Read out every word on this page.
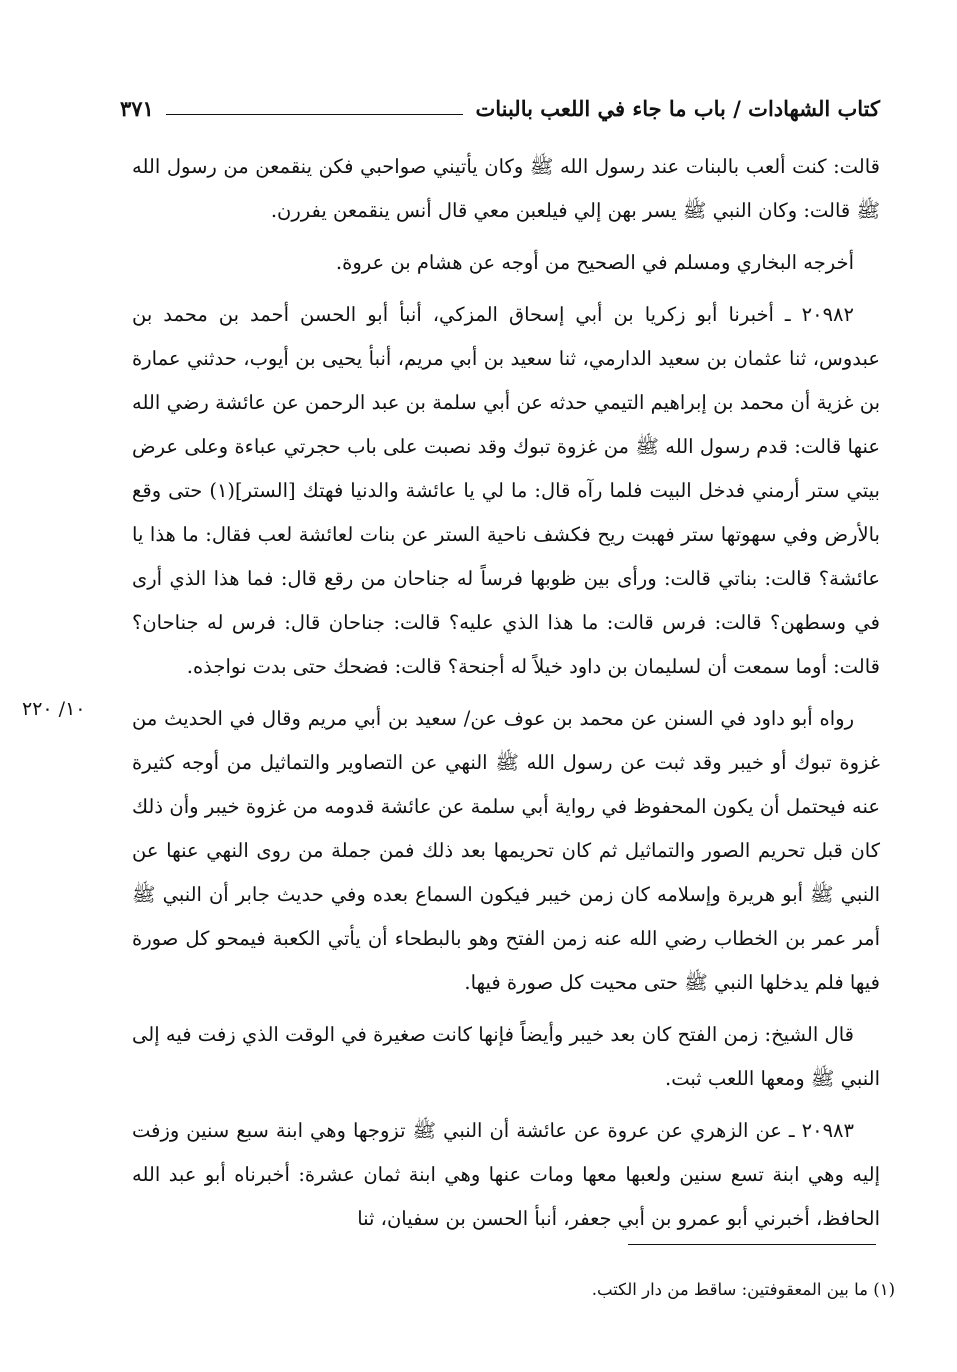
كتاب الشهادات / باب ما جاء في اللعب بالبنات
٣٧١

قالت: كنت ألعب بالبنات عند رسول الله ﷺ وكان يأتيني صواحبي فكن ينقمعن من رسول الله ﷺ قالت: وكان النبي ﷺ يسر بهن إلي فيلعبن معي قال أنس ينقمعن يفررن.

أخرجه البخاري ومسلم في الصحيح من أوجه عن هشام بن عروة.

٢٠٩٨٢ ـ أخبرنا أبو زكريا بن أبي إسحاق المزكي، أنبأ أبو الحسن أحمد بن محمد بن عبدوس، ثنا عثمان بن سعيد الدارمي، ثنا سعيد بن أبي مريم، أنبأ يحيى بن أيوب، حدثني عمارة بن غزية أن محمد بن إبراهيم التيمي حدثه عن أبي سلمة بن عبد الرحمن عن عائشة رضي الله عنها قالت: قدم رسول الله ﷺ من غزوة تبوك وقد نصبت على باب حجرتي عباءة وعلى عرض بيتي ستر أرمني فدخل البيت فلما رآه قال: ما لي يا عائشة والدنيا فهتك [الستر](١) حتى وقع بالأرض وفي سهوتها ستر فهبت ريح فكشف ناحية الستر عن بنات لعائشة لعب فقال: ما هذا يا عائشة؟ قالت: بناتي قالت: ورأى بين ظوبها فرساً له جناحان من رقع قال: فما هذا الذي أرى في وسطهن؟ قالت: فرس قالت: ما هذا الذي عليه؟ قالت: جناحان قال: فرس له جناحان؟ قالت: أوما سمعت أن لسليمان بن داود خيلاً له أجنحة؟ قالت: فضحك حتى بدت نواجذه.

رواه أبو داود في السنن عن محمد بن عوف عن/ سعيد بن أبي مريم وقال في الحديث من غزوة تبوك أو خيبر وقد ثبت عن رسول الله ﷺ النهي عن التصاوير والتماثيل من أوجه كثيرة عنه فيحتمل أن يكون المحفوظ في رواية أبي سلمة عن عائشة قدومه من غزوة خيبر وأن ذلك كان قبل تحريم الصور والتماثيل ثم كان تحريمها بعد ذلك فمن جملة من روى النهي عنها عن النبي ﷺ أبو هريرة وإسلامه كان زمن خيبر فيكون السماع بعده وفي حديث جابر أن النبي ﷺ أمر عمر بن الخطاب رضي الله عنه زمن الفتح وهو بالبطحاء أن يأتي الكعبة فيمحو كل صورة فيها فلم يدخلها النبي ﷺ حتى محيت كل صورة فيها.

قال الشيخ: زمن الفتح كان بعد خيبر وأيضاً فإنها كانت صغيرة في الوقت الذي زفت فيه إلى النبي ﷺ ومعها اللعب ثبت.

٢٠٩٨٣ ـ عن الزهري عن عروة عن عائشة أن النبي ﷺ تزوجها وهي ابنة سبع سنين وزفت إليه وهي ابنة تسع سنين ولعبها معها ومات عنها وهي ابنة ثمان عشرة: أخبرناه أبو عبد الله الحافظ، أخبرني أبو عمرو بن أبي جعفر، أنبأ الحسن بن سفيان، ثنا

١٠/ ٢٢٠
(١) ما بين المعقوفتين: ساقط من دار الكتب.
